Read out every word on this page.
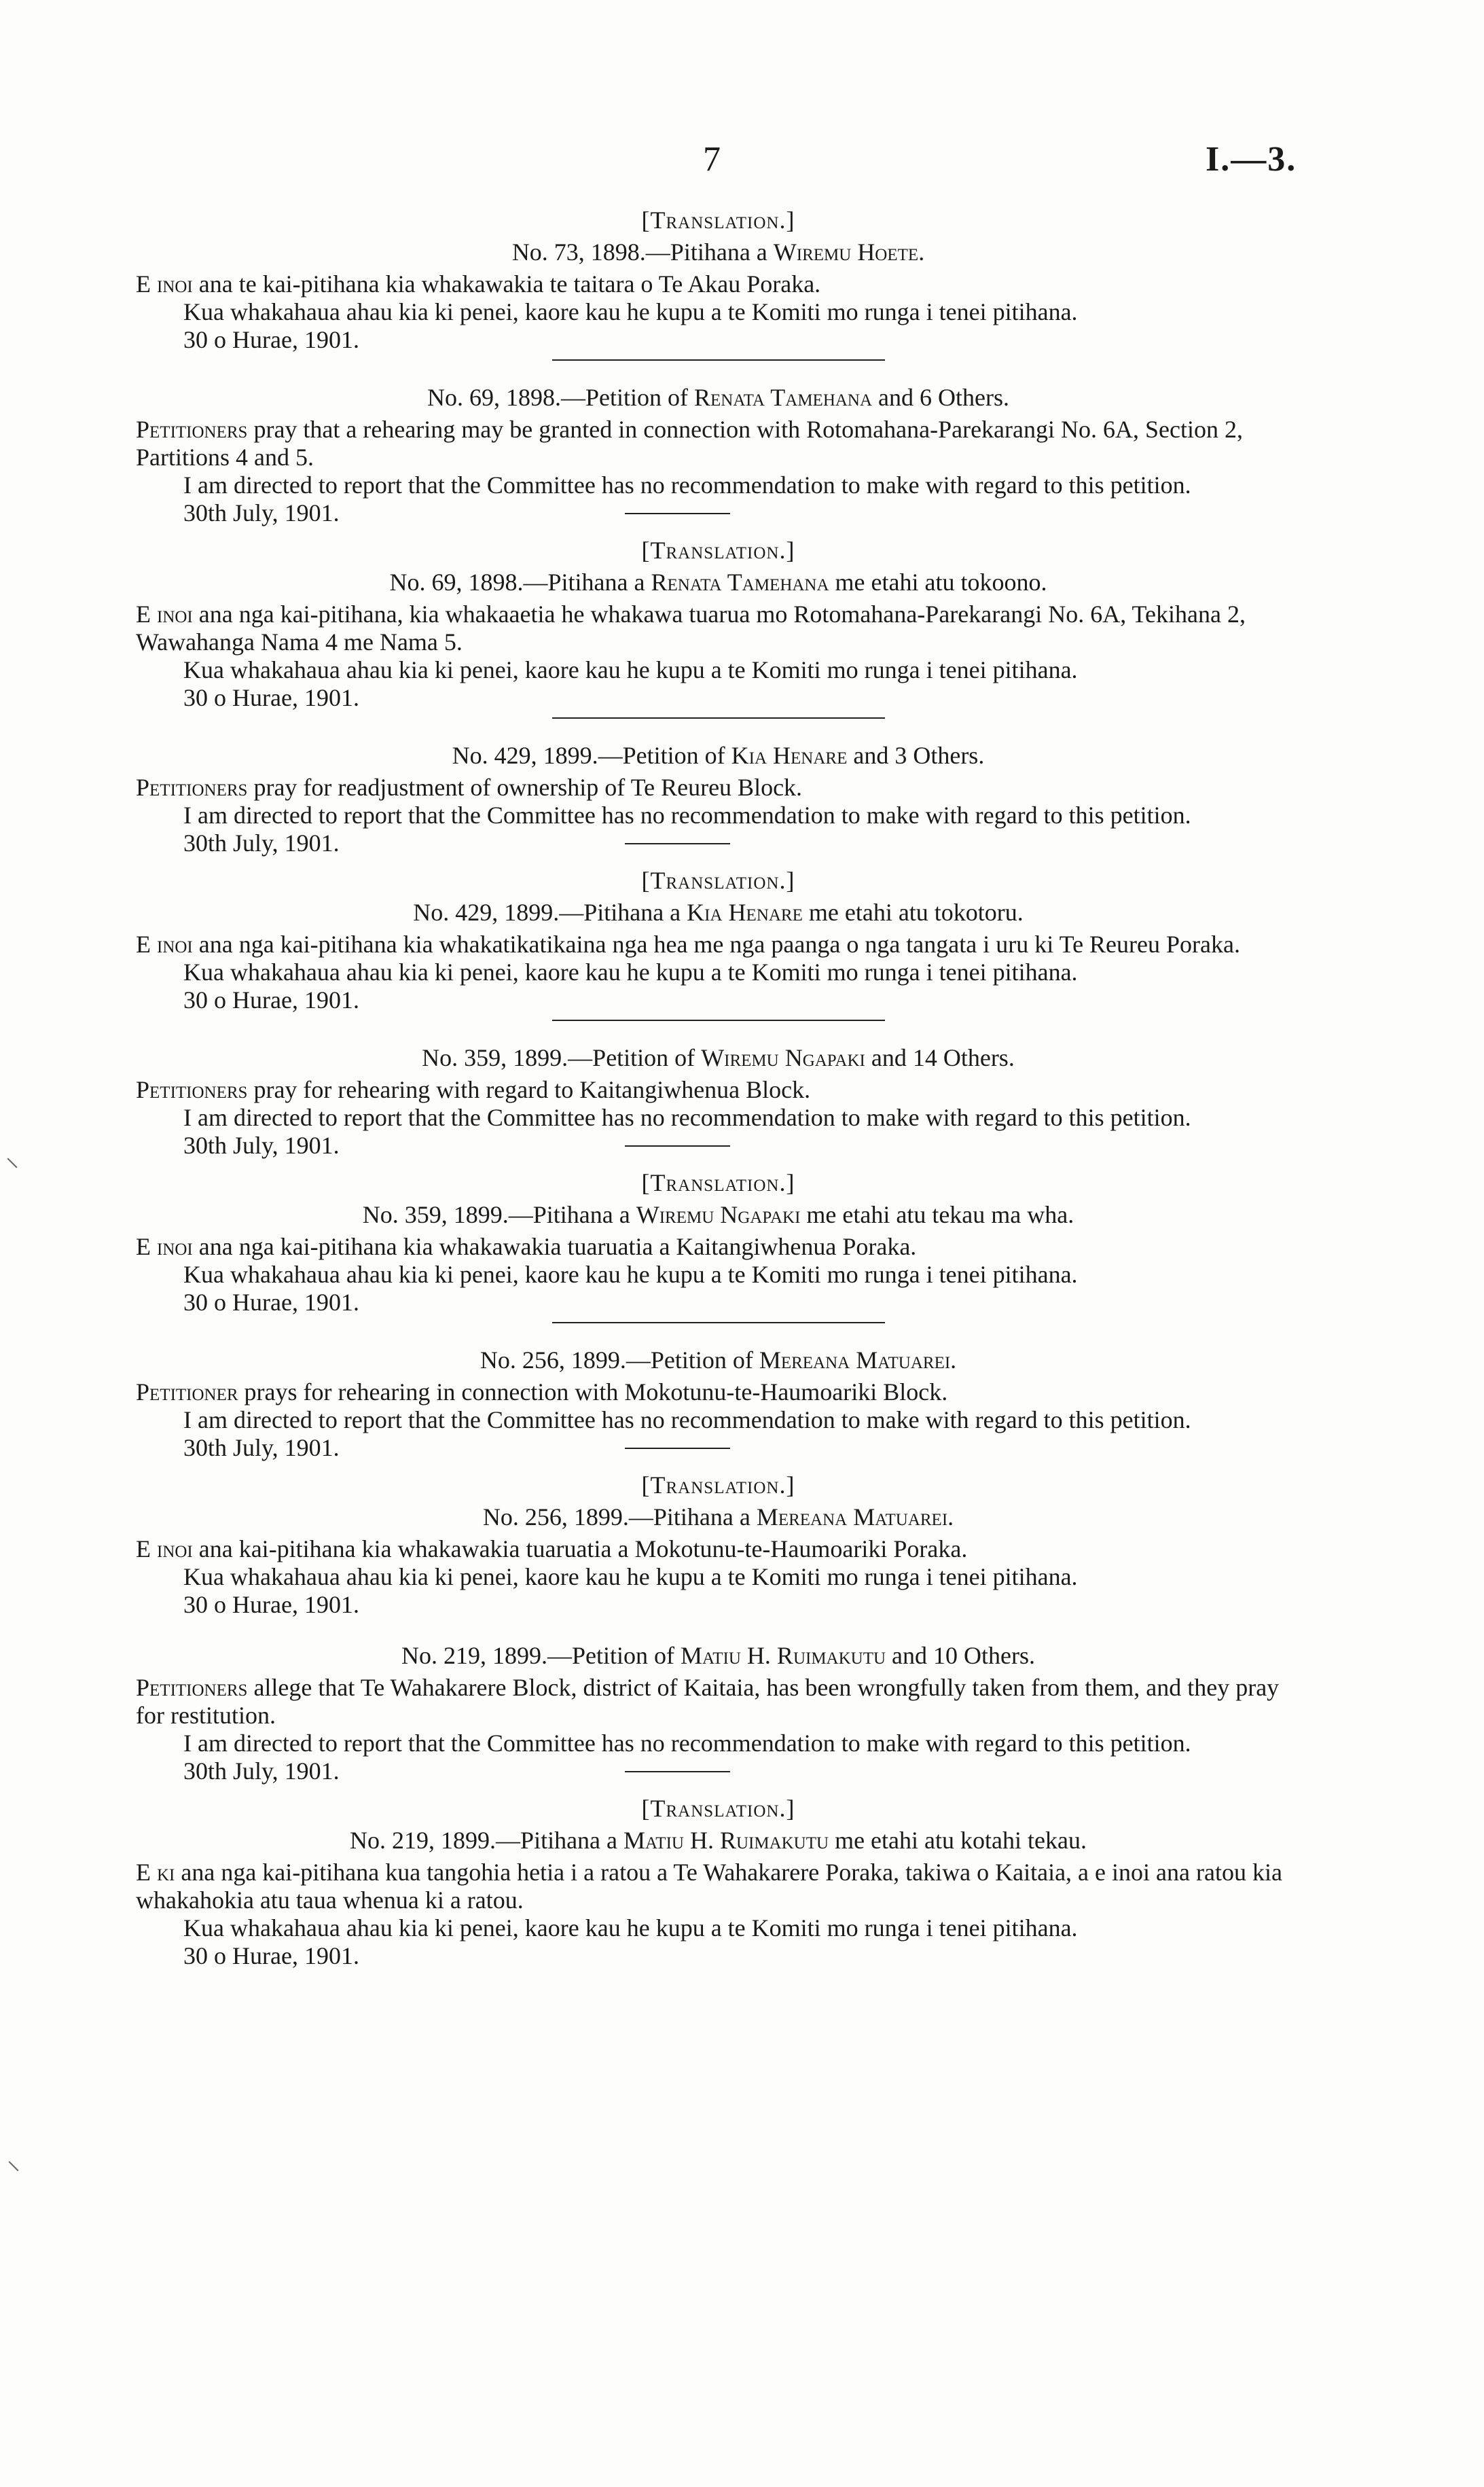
7	I.—3.
[Translation.]
No. 73, 1898.—Pitihana a Wiremu Hoete.

E inoi ana te kai-pitihana kia whakawakia te taitara o Te Akau Poraka.

Kua whakahaua ahau kia ki penei, kaore kau he kupu a te Komiti mo runga i tenei pitihana.

30 o Hurae, 1901.
No. 69, 1898.—Petition of Renata Tamehana and 6 Others.

Petitioners pray that a rehearing may be granted in connection with Rotomahana-Parekarangi No. 6A, Section 2, Partitions 4 and 5.

I am directed to report that the Committee has no recommendation to make with regard to this petition.

30th July, 1901.
[Translation.]
No. 69, 1898.—Pitihana a Renata Tamehana me etahi atu tokoono.

E inoi ana nga kai-pitihana, kia whakaaetia he whakawa tuarua mo Rotomahana-Parekarangi No. 6A, Tekihana 2, Wawahanga Nama 4 me Nama 5.

Kua whakahaua ahau kia ki penei, kaore kau he kupu a te Komiti mo runga i tenei pitihana.

30 o Hurae, 1901.
No. 429, 1899.—Petition of Kia Henare and 3 Others.

Petitioners pray for readjustment of ownership of Te Reureu Block.

I am directed to report that the Committee has no recommendation to make with regard to this petition.

30th July, 1901.
[Translation.]
No. 429, 1899.—Pitihana a Kia Henare me etahi atu tokotoru.

E inoi ana nga kai-pitihana kia whakatikatikaina nga hea me nga paanga o nga tangata i uru ki Te Reureu Poraka.

Kua whakahaua ahau kia ki penei, kaore kau he kupu a te Komiti mo runga i tenei pitihana.

30 o Hurae, 1901.
No. 359, 1899.—Petition of Wiremu Ngapaki and 14 Others.

Petitioners pray for rehearing with regard to Kaitangiwhenua Block.

I am directed to report that the Committee has no recommendation to make with regard to this petition.

30th July, 1901.
[Translation.]
No. 359, 1899.—Pitihana a Wiremu Ngapaki me etahi atu tekau ma wha.

E inoi ana nga kai-pitihana kia whakawakia tuaruatia a Kaitangiwhenua Poraka.

Kua whakahaua ahau kia ki penei, kaore kau he kupu a te Komiti mo runga i tenei pitihana.

30 o Hurae, 1901.
No. 256, 1899.—Petition of Mereana Matuarei.

Petitioner prays for rehearing in connection with Mokotunu-te-Haumoariki Block.

I am directed to report that the Committee has no recommendation to make with regard to this petition.

30th July, 1901.
[Translation.]
No. 256, 1899.—Pitihana a Mereana Matuarei.

E inoi ana kai-pitihana kia whakawakia tuaruatia a Mokotunu-te-Haumoariki Poraka.

Kua whakahaua ahau kia ki penei, kaore kau he kupu a te Komiti mo runga i tenei pitihana.

30 o Hurae, 1901.
No. 219, 1899.—Petition of Matiu H. Ruimakutu and 10 Others.

Petitioners allege that Te Wahakarere Block, district of Kaitaia, has been wrongfully taken from them, and they pray for restitution.

I am directed to report that the Committee has no recommendation to make with regard to this petition.

30th July, 1901.
[Translation.]
No. 219, 1899.—Pitihana a Matiu H. Ruimakutu me etahi atu kotahi tekau.

E ki ana nga kai-pitihana kua tangohia hetia i a ratou a Te Wahakarere Poraka, takiwa o Kaitaia, a e inoi ana ratou kia whakahokia atu taua whenua ki a ratou.

Kua whakahaua ahau kia ki penei, kaore kau he kupu a te Komiti mo runga i tenei pitihana.

30 o Hurae, 1901.
⸌
⸜
